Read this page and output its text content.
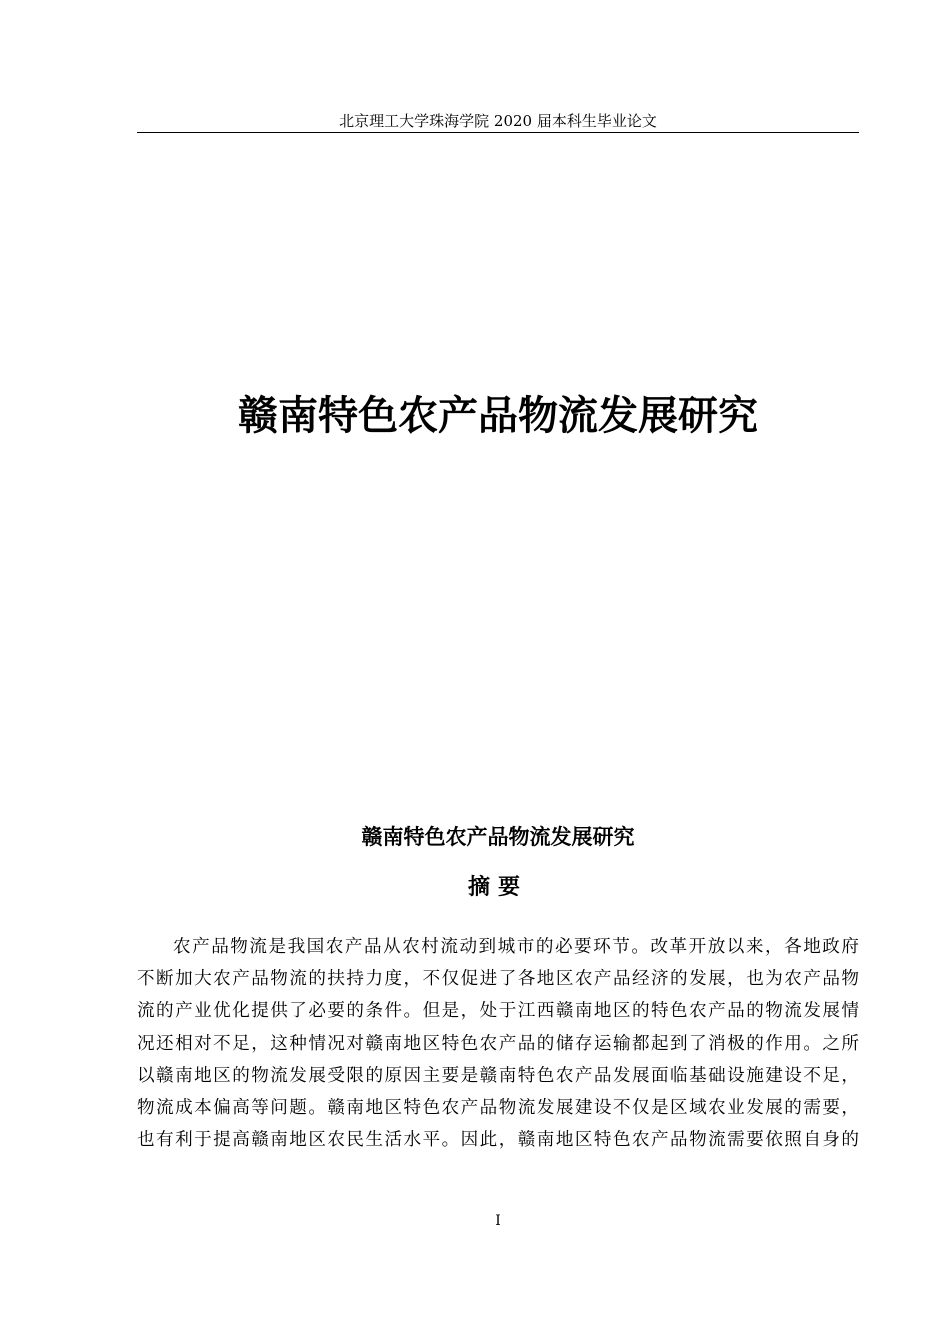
北京理工大学珠海学院 2020 届本科生毕业论文
赣南特色农产品物流发展研究
赣南特色农产品物流发展研究
摘要
农产品物流是我国农产品从农村流动到城市的必要环节。改革开放以来，各地政府
不断加大农产品物流的扶持力度，不仅促进了各地区农产品经济的发展，也为农产品物
流的产业优化提供了必要的条件。但是，处于江西赣南地区的特色农产品的物流发展情
况还相对不足，这种情况对赣南地区特色农产品的储存运输都起到了消极的作用。之所
以赣南地区的物流发展受限的原因主要是赣南特色农产品发展面临基础设施建设不足，
物流成本偏高等问题。赣南地区特色农产品物流发展建设不仅是区域农业发展的需要，
也有利于提高赣南地区农民生活水平。因此，赣南地区特色农产品物流需要依照自身的
I
